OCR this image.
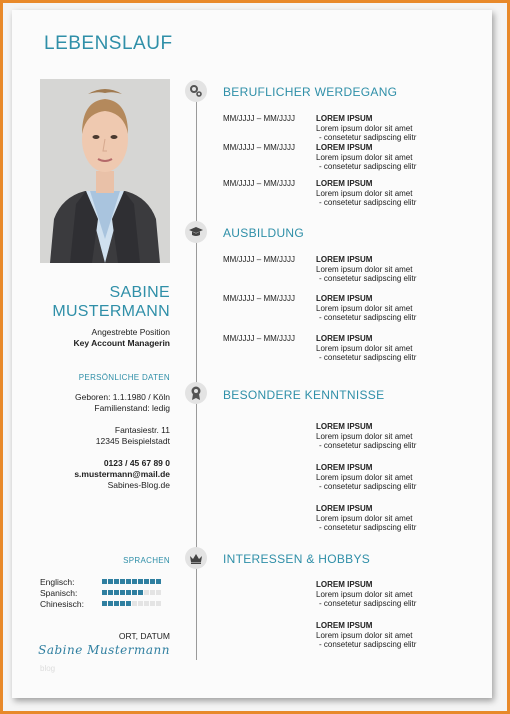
LEBENSLAUF
SABINE
MUSTERMANN
Angestrebte Position
Key Account Managerin
PERSÖNLICHE DATEN
Geboren: 1.1.1980 / Köln
Familienstand: ledig
Fantasiestr. 11
12345 Beispielstadt
0123 / 45 67 89 0
s.mustermann@mail.de
Sabines-Blog.de
SPRACHEN
Englisch:
Spanisch:
Chinesisch:
ORT, DATUM
Sabine Mustermann
blog
BERUFLICHER WERDEGANG
MM/JJJJ – MM/JJJJ	LOREM IPSUM
Lorem ipsum dolor sit amet
- consetetur sadipscing elitr
MM/JJJJ – MM/JJJJ	LOREM IPSUM
Lorem ipsum dolor sit amet
- consetetur sadipscing elitr
MM/JJJJ – MM/JJJJ	LOREM IPSUM
Lorem ipsum dolor sit amet
- consetetur sadipscing elitr
AUSBILDUNG
MM/JJJJ – MM/JJJJ	LOREM IPSUM
Lorem ipsum dolor sit amet
- consetetur sadipscing elitr
MM/JJJJ – MM/JJJJ	LOREM IPSUM
Lorem ipsum dolor sit amet
- consetetur sadipscing elitr
MM/JJJJ – MM/JJJJ	LOREM IPSUM
Lorem ipsum dolor sit amet
- consetetur sadipscing elitr
BESONDERE KENNTNISSE
LOREM IPSUM
Lorem ipsum dolor sit amet
- consetetur sadipscing elitr
LOREM IPSUM
Lorem ipsum dolor sit amet
- consetetur sadipscing elitr
LOREM IPSUM
Lorem ipsum dolor sit amet
- consetetur sadipscing elitr
INTERESSEN & HOBBYS
LOREM IPSUM
Lorem ipsum dolor sit amet
- consetetur sadipscing elitr
LOREM IPSUM
Lorem ipsum dolor sit amet
- consetetur sadipscing elitr
